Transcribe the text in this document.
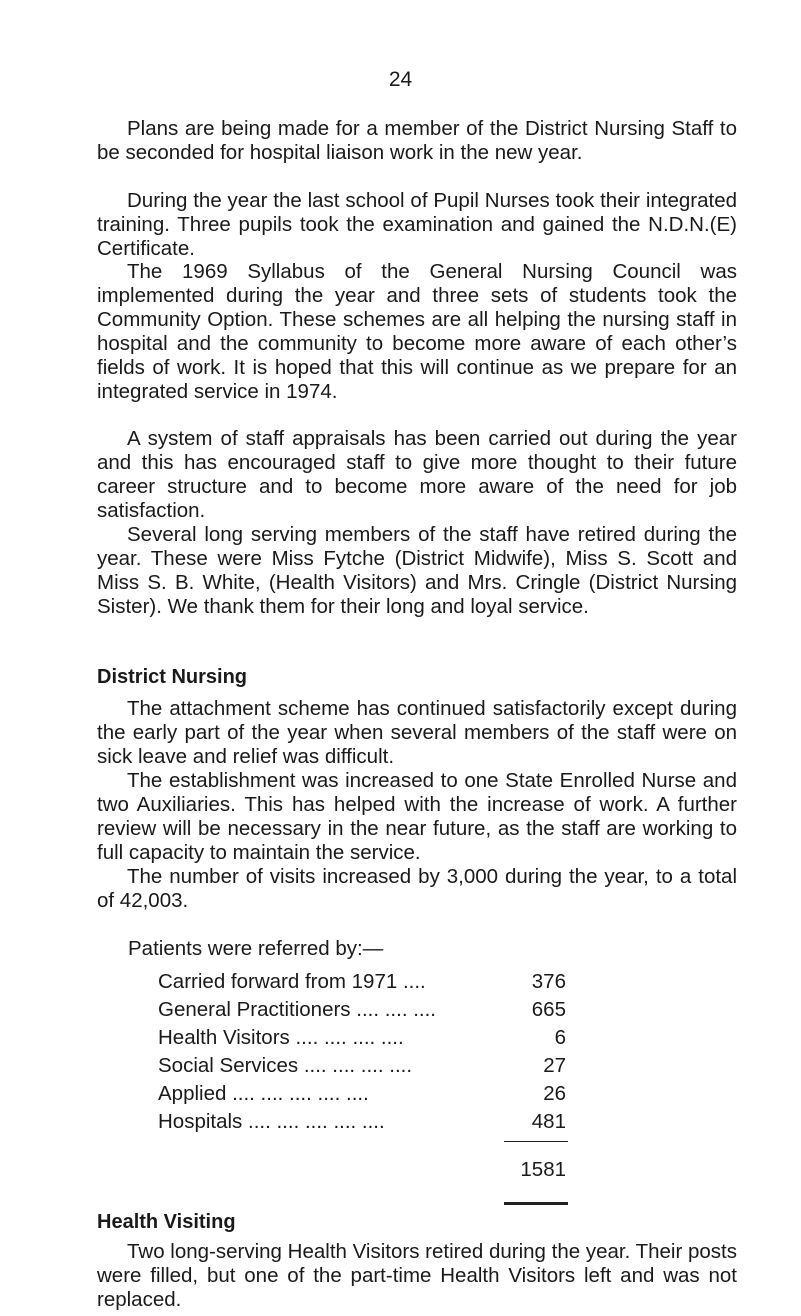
24

Plans are being made for a member of the District Nursing Staff to be seconded for hospital liaison work in the new year.

During the year the last school of Pupil Nurses took their integrated training. Three pupils took the examination and gained the N.D.N.(E) Certificate.

The 1969 Syllabus of the General Nursing Council was implemented during the year and three sets of students took the Community Option. These schemes are all helping the nursing staff in hospital and the community to become more aware of each other’s fields of work. It is hoped that this will continue as we prepare for an integrated service in 1974.

A system of staff appraisals has been carried out during the year and this has encouraged staff to give more thought to their future career structure and to become more aware of the need for job satisfaction.

Several long serving members of the staff have retired during the year. These were Miss Fytche (District Midwife), Miss S. Scott and Miss S. B. White, (Health Visitors) and Mrs. Cringle (District Nursing Sister). We thank them for their long and loyal service.

District Nursing

The attachment scheme has continued satisfactorily except during the early part of the year when several members of the staff were on sick leave and relief was difficult.

The establishment was increased to one State Enrolled Nurse and two Auxiliaries. This has helped with the increase of work. A further review will be necessary in the near future, as the staff are working to full capacity to maintain the service.

The number of visits increased by 3,000 during the year, to a total of 42,003.

Patients were referred by:—

Carried forward from 1971 ....	376
General Practitioners .... .... ....	665
Health Visitors .... .... .... ....	6
Social Services .... .... .... ....	27
Applied .... .... .... .... ....	26
Hospitals .... .... .... .... ....	481
	1581
Health Visiting

Two long-serving Health Visitors retired during the year. Their posts were filled, but one of the part-time Health Visitors left and was not replaced.
